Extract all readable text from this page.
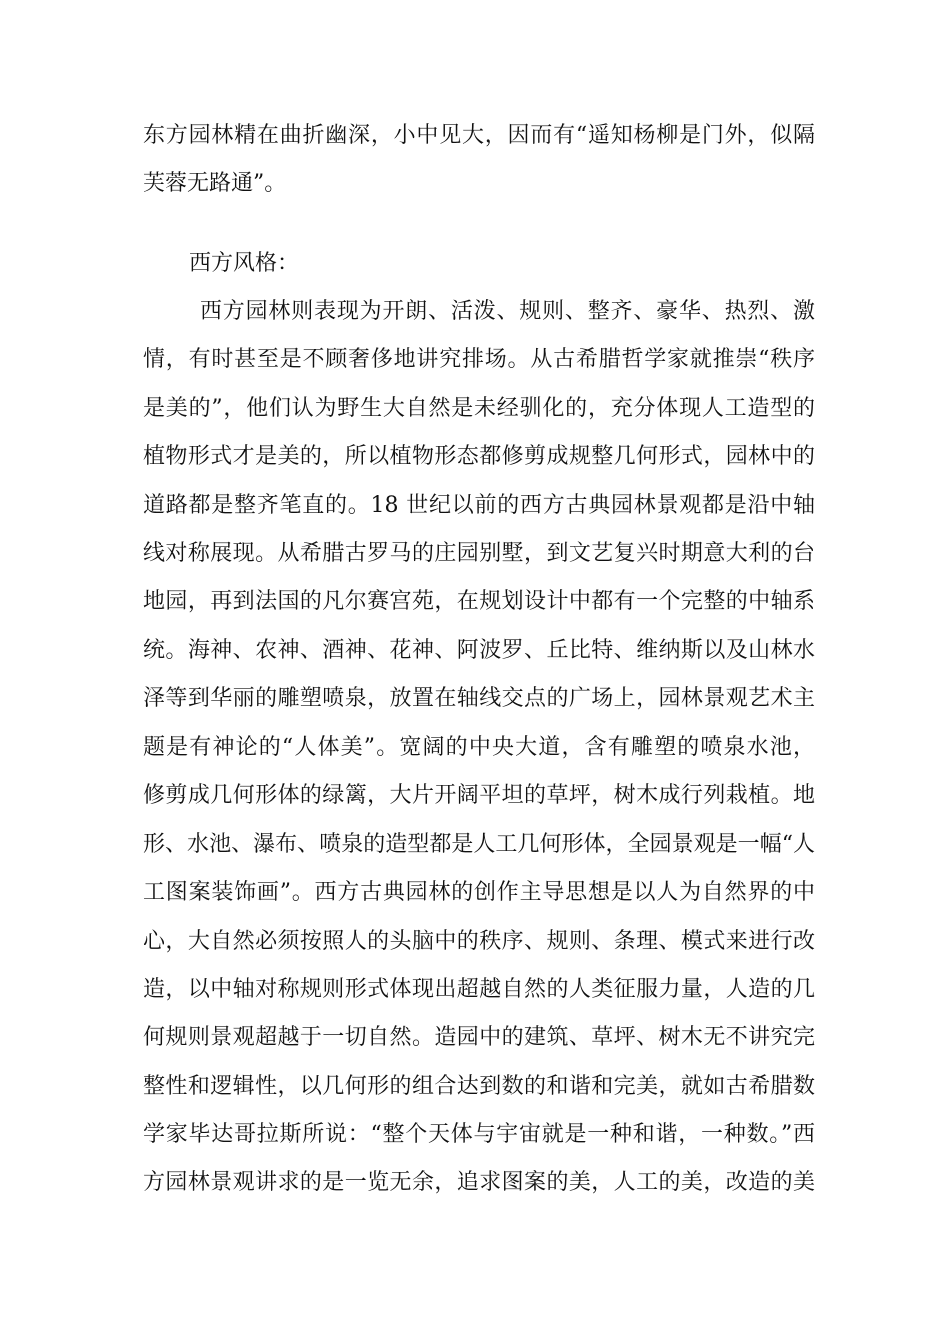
东方园林精在曲折幽深，小中见大，因而有“遥知杨柳是门外，似隔

芙蓉无路通”。

西方风格：

西方园林则表现为开朗、活泼、规则、整齐、豪华、热烈、激

情，有时甚至是不顾奢侈地讲究排场。从古希腊哲学家就推崇“秩序

是美的”，他们认为野生大自然是未经驯化的，充分体现人工造型的

植物形式才是美的，所以植物形态都修剪成规整几何形式，园林中的

道路都是整齐笔直的。18 世纪以前的西方古典园林景观都是沿中轴

线对称展现。从希腊古罗马的庄园别墅，到文艺复兴时期意大利的台

地园，再到法国的凡尔赛宫苑，在规划设计中都有一个完整的中轴系

统。海神、农神、酒神、花神、阿波罗、丘比特、维纳斯以及山林水

泽等到华丽的雕塑喷泉，放置在轴线交点的广场上，园林景观艺术主

题是有神论的“人体美”。宽阔的中央大道，含有雕塑的喷泉水池，

修剪成几何形体的绿篱，大片开阔平坦的草坪，树木成行列栽植。地

形、水池、瀑布、喷泉的造型都是人工几何形体，全园景观是一幅“人

工图案装饰画”。西方古典园林的创作主导思想是以人为自然界的中

心，大自然必须按照人的头脑中的秩序、规则、条理、模式来进行改

造，以中轴对称规则形式体现出超越自然的人类征服力量，人造的几

何规则景观超越于一切自然。造园中的建筑、草坪、树木无不讲究完

整性和逻辑性，以几何形的组合达到数的和谐和完美，就如古希腊数

学家毕达哥拉斯所说：“整个天体与宇宙就是一种和谐，一种数。”西

方园林景观讲求的是一览无余，追求图案的美，人工的美，改造的美
